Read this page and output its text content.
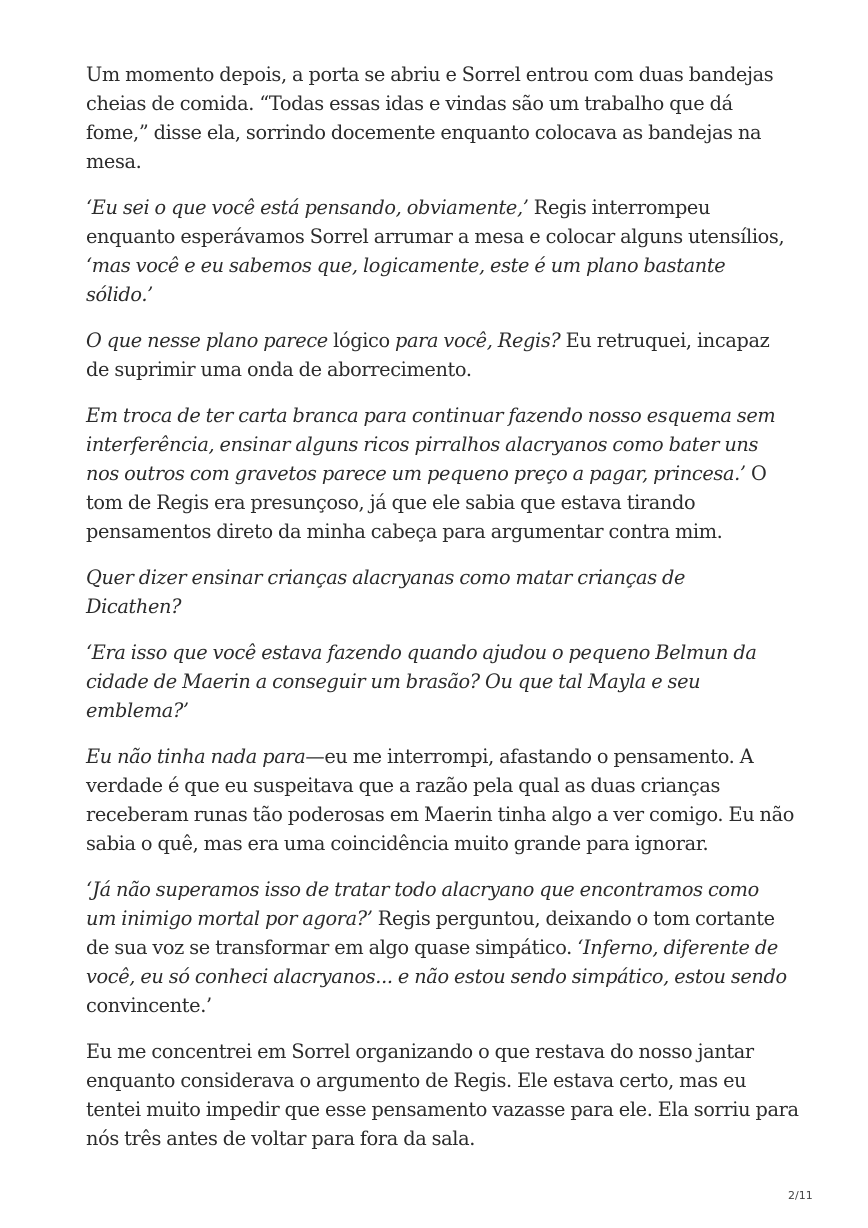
Um momento depois, a porta se abriu e Sorrel entrou com duas bandejas
cheias de comida. “Todas essas idas e vindas são um trabalho que dá
fome,” disse ela, sorrindo docemente enquanto colocava as bandejas na
mesa.

‘Eu sei o que você está pensando, obviamente,’ Regis interrompeu
enquanto esperávamos Sorrel arrumar a mesa e colocar alguns utensílios,
‘mas você e eu sabemos que, logicamente, este é um plano bastante
sólido.’

O que nesse plano parece lógico para você, Regis? Eu retruquei, incapaz
de suprimir uma onda de aborrecimento.

Em troca de ter carta branca para continuar fazendo nosso esquema sem
interferência, ensinar alguns ricos pirralhos alacryanos como bater uns
nos outros com gravetos parece um pequeno preço a pagar, princesa.’ O
tom de Regis era presunçoso, já que ele sabia que estava tirando
pensamentos direto da minha cabeça para argumentar contra mim.

Quer dizer ensinar crianças alacryanas como matar crianças de
Dicathen?

‘Era isso que você estava fazendo quando ajudou o pequeno Belmun da
cidade de Maerin a conseguir um brasão? Ou que tal Mayla e seu
emblema?’

Eu não tinha nada para—eu me interrompi, afastando o pensamento. A
verdade é que eu suspeitava que a razão pela qual as duas crianças
receberam runas tão poderosas em Maerin tinha algo a ver comigo. Eu não
sabia o quê, mas era uma coincidência muito grande para ignorar.

‘Já não superamos isso de tratar todo alacryano que encontramos como
um inimigo mortal por agora?’ Regis perguntou, deixando o tom cortante
de sua voz se transformar em algo quase simpático. ‘Inferno, diferente de
você, eu só conheci alacryanos... e não estou sendo simpático, estou sendo
convincente.’

Eu me concentrei em Sorrel organizando o que restava do nosso jantar
enquanto considerava o argumento de Regis. Ele estava certo, mas eu
tentei muito impedir que esse pensamento vazasse para ele. Ela sorriu para
nós três antes de voltar para fora da sala.

2/11
